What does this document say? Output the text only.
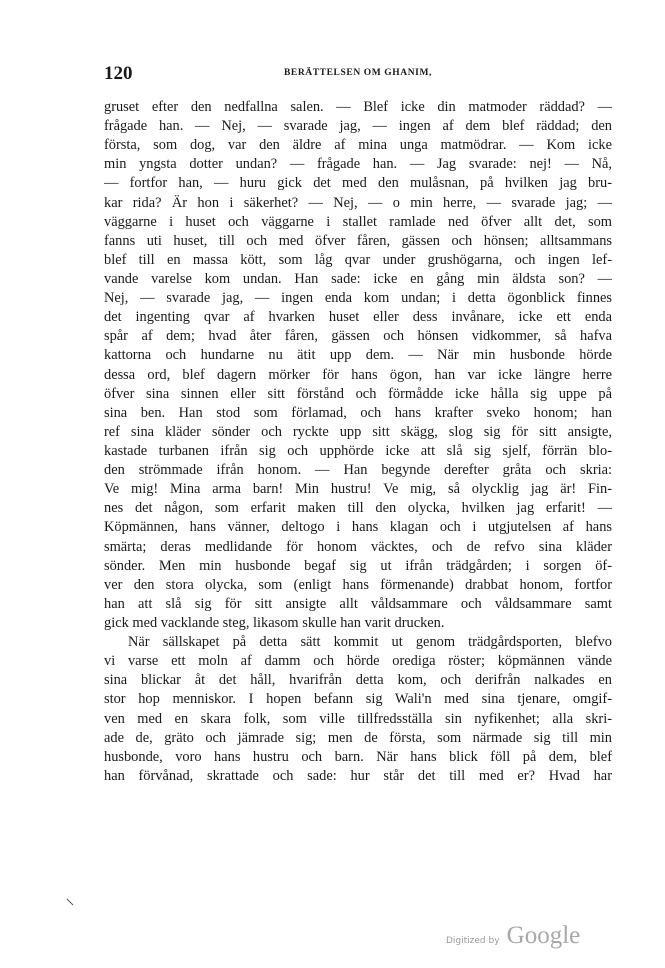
120	BERÄTTELSEN OM GHANIM,
gruset efter den nedfallna salen. — Blef icke din matmoder räddad? —
frågade han. — Nej, — svarade jag, — ingen af dem blef räddad; den
första, som dog, var den äldre af mina unga matmödrar. — Kom icke
min yngsta dotter undan? — frågade han. — Jag svarade: nej! — Nå,
— fortfor han, — huru gick det med den mulåsnan, på hvilken jag bru-
kar rida? Är hon i säkerhet? — Nej, — o min herre, — svarade jag; —
väggarne i huset och väggarne i stallet ramlade ned öfver allt det, som
fanns uti huset, till och med öfver fåren, gässen och hönsen; alltsammans
blef till en massa kött, som låg qvar under grushögarna, och ingen lef-
vande varelse kom undan. Han sade: icke en gång min äldsta son? —
Nej, — svarade jag, — ingen enda kom undan; i detta ögonblick finnes
det ingenting qvar af hvarken huset eller dess invånare, icke ett enda
spår af dem; hvad åter fåren, gässen och hönsen vidkommer, så hafva
kattorna och hundarne nu ätit upp dem. — När min husbonde hörde
dessa ord, blef dagern mörker för hans ögon, han var icke längre herre
öfver sina sinnen eller sitt förstånd och förmådde icke hålla sig uppe på
sina ben. Han stod som förlamad, och hans krafter sveko honom; han
ref sina kläder sönder och ryckte upp sitt skägg, slog sig för sitt ansigte,
kastade turbanen ifrån sig och upphörde icke att slå sig sjelf, förrän blo-
den strömmade ifrån honom. — Han begynde derefter gråta och skria:
Ve mig! Mina arma barn! Min hustru! Ve mig, så olycklig jag är! Fin-
nes det någon, som erfarit maken till den olycka, hvilken jag erfarit! —
Köpmännen, hans vänner, deltogo i hans klagan och i utgjutelsen af hans
smärta; deras medlidande för honom väcktes, och de refvo sina kläder
sönder. Men min husbonde begaf sig ut ifrån trädgården; i sorgen öf-
ver den stora olycka, som (enligt hans förmenande) drabbat honom, fortfor
han att slå sig för sitt ansigte allt våldsammare och våldsammare samt
gick med vacklande steg, likasom skulle han varit drucken.
När sällskapet på detta sätt kommit ut genom trädgårdsporten, blefvo
vi varse ett moln af damm och hörde orediga röster; köpmännen vände
sina blickar åt det håll, hvarifrån detta kom, och derifrån nalkades en
stor hop menniskor. I hopen befann sig Wali'n med sina tjenare, omgif-
ven med en skara folk, som ville tillfredsställa sin nyfikenhet; alla skri-
ade de, gräto och jämrade sig; men de första, som närmade sig till min
husbonde, voro hans hustru och barn. När hans blick föll på dem, blef
han förvånad, skrattade och sade: hur står det till med er? Hvad har
Digitized by Google
